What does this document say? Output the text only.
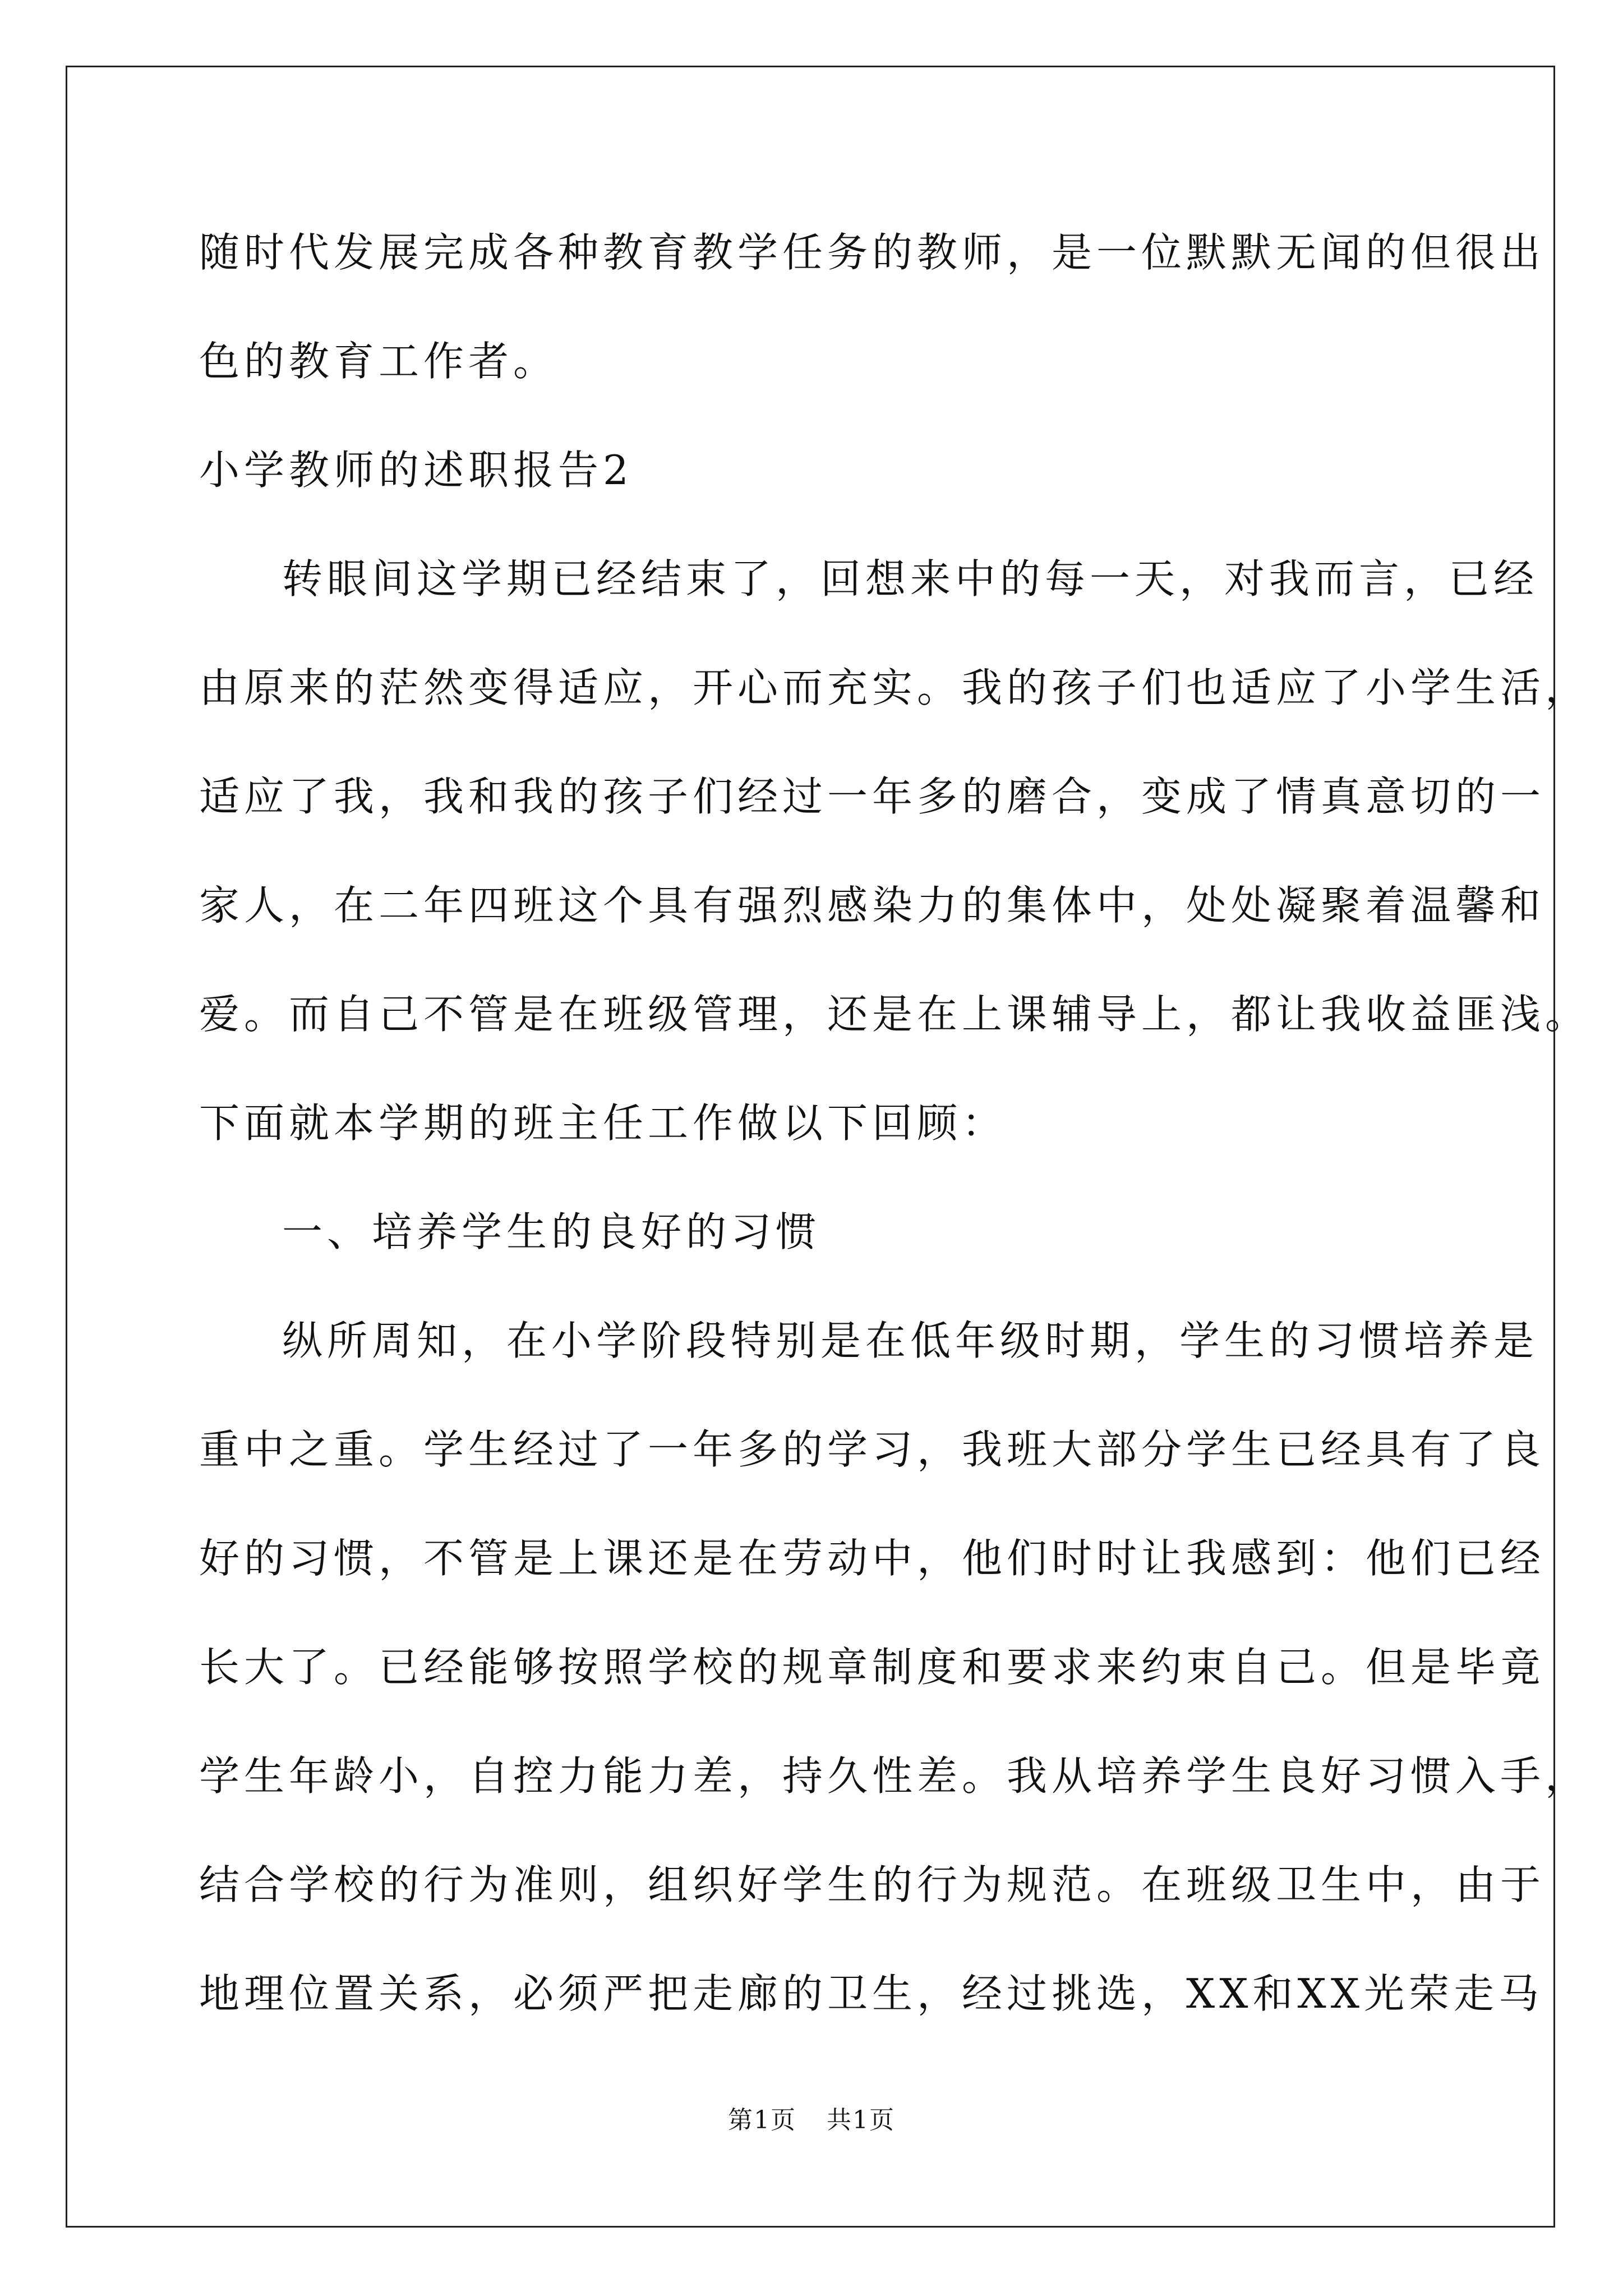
随时代发展完成各种教育教学任务的教师，是一位默默无闻的但很出
色的教育工作者。
小学教师的述职报告2
转眼间这学期已经结束了，回想来中的每一天，对我而言，已经
由原来的茫然变得适应，开心而充实。我的孩子们也适应了小学生活，
适应了我，我和我的孩子们经过一年多的磨合，变成了情真意切的一
家人，在二年四班这个具有强烈感染力的集体中，处处凝聚着温馨和
爱。而自己不管是在班级管理，还是在上课辅导上，都让我收益匪浅。
下面就本学期的班主任工作做以下回顾：
一、培养学生的良好的习惯
纵所周知，在小学阶段特别是在低年级时期，学生的习惯培养是
重中之重。学生经过了一年多的学习，我班大部分学生已经具有了良
好的习惯，不管是上课还是在劳动中，他们时时让我感到：他们已经
长大了。已经能够按照学校的规章制度和要求来约束自己。但是毕竟
学生年龄小，自控力能力差，持久性差。我从培养学生良好习惯入手，
结合学校的行为准则，组织好学生的行为规范。在班级卫生中，由于
地理位置关系，必须严把走廊的卫生，经过挑选，XX和XX光荣走马
第1页 共1页
